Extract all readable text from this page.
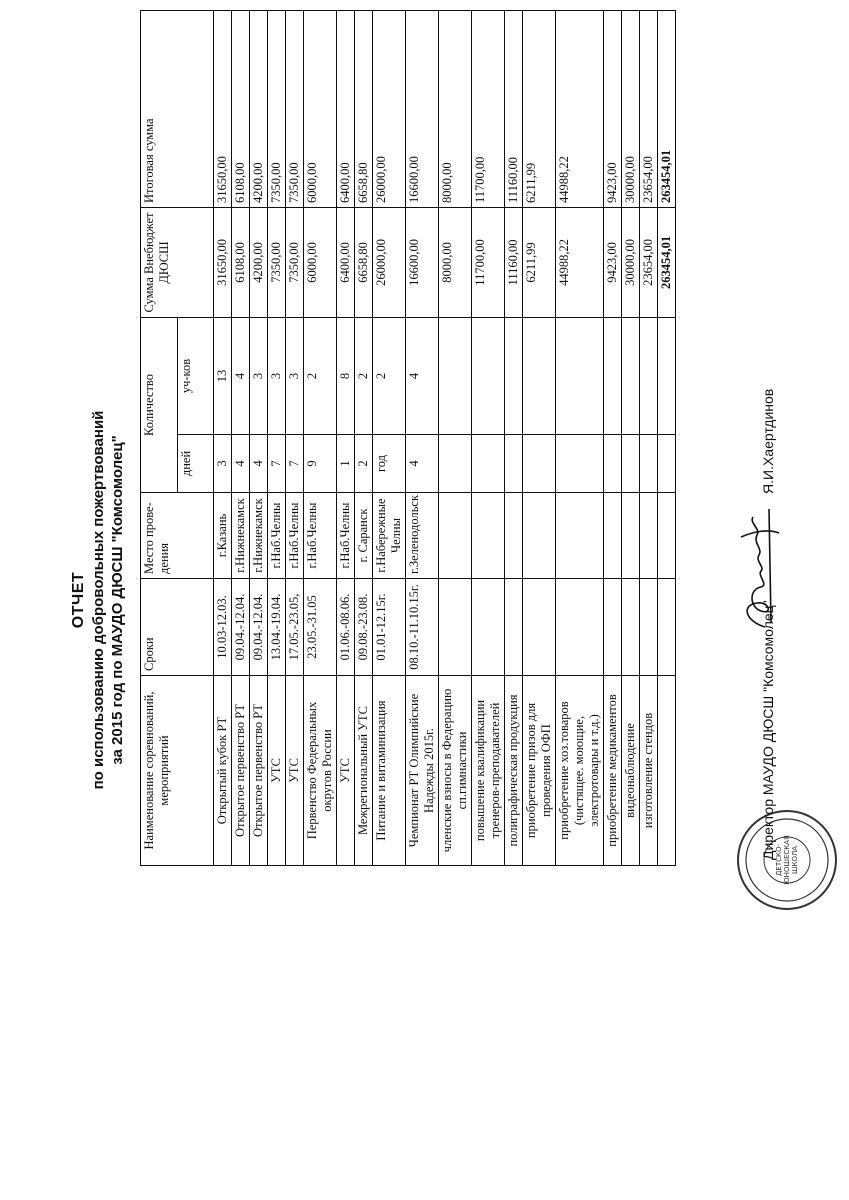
ОТЧЕТ по использованию добровольных пожертвований за 2015 год по МАУДО ДЮСШ "Комсомолец"
Наименование соревнований, мероприятий	Сроки	Место прове-дения	Количество		Сумма Внебюджет ДЮСШ	Итоговая сумма
			дней	уч-ков		
Открытый кубок РТ	10.03-12.03.	г.Казань	3	13	31650,00	31650,00
Открытое первенство РТ	09.04.-12.04.	г.Нижнекамск	4	4	6108,00	6108,00
Открытое первенство РТ	09.04.-12.04.	г.Нижнекамск	4	3	4200,00	4200,00
УТС	13.04.-19.04.	г.Наб.Челны	7	3	7350,00	7350,00
УТС	17.05.-23.05,	г.Наб.Челны	7	3	7350,00	7350,00
Первенство Федеральных округов России	23.05.-31.05	г.Наб.Челны	9	2	6000,00	6000,00
УТС	01.06.-08.06.	г.Наб.Челны	1	8	6400,00	6400,00
Межрегиональный УТС	09.08.-23.08.	г. Саранск	2	2	6658,80	6658,80
Питание и витаминизация	01.01-12.15г.	г.Набережные Челны	год	2	26000,00	26000,00
Чемпионат РТ Олимпийские Надежды 2015г.	08.10.-11.10.15г.	г.Зеленодольск	4	4	16600,00	16600,00
членские взносы в Федерацию сп.гимнастики					8000,00	8000,00
повышение квалификации тренеров-преподавателей					11700,00	11700,00
полиграфическая продукция					11160,00	11160,00
приобретение призов для проведения ОФП					6211,99	6211,99
приобретение хоз.товаров (чистящее. моющие, электротовары и т.д.)					44988,22	44988,22
приобретение медикаментов					9423,00	9423,00
видеонаблюдение					30000,00	30000,00
изготовление стендов					23654,00	23654,00
					263454,01	263454,01
ДЕТСКО- ЮНОШЕСКАЯ ШКОЛА
Директор МАУДО ДЮСШ "Комсомолец"
Я.И.Хаертдинов
